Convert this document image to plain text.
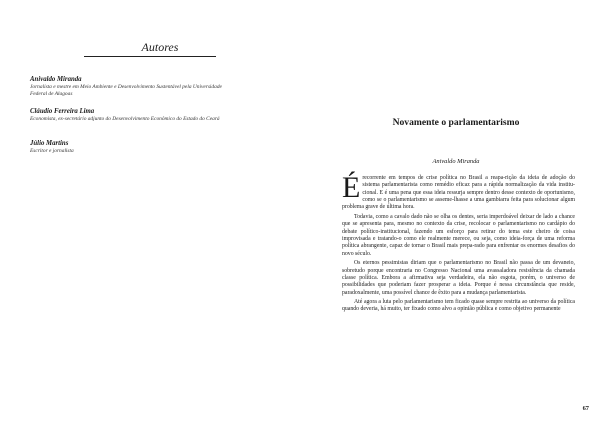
Autores
Anivaldo Miranda
Jornalista e mestre em Meio Ambiente e Desenvolvimento Sustentável pela Universidade Federal de Alagoas
Cláudio Ferreira Lima
Economista, ex-secretário adjunto do Desenvolvimento Econômico do Estado do Ceará
Júlio Martins
Escritor e jornalista
Novamente o parlamentarismo
Anivaldo Miranda

É recorrente em tempos de crise política no Brasil a reapa-rição da ideia de adoção do sistema parlamentarista como remédio eficaz para a rápida normalização da vida institu-cional. E é uma pena que essa ideia ressurja sempre dentro desse contexto de oportunismo, como se o parlamentarismo se asseme-lhasse a uma gambiarra feita para solucionar algum problema grave de última hora.

Todavia, como a cavalo dado não se olha os dentes, seria imperdoável deixar de lado a chance que se apresenta para, mesmo no contexto da crise, recolocar o parlamentarismo no cardápio do debate político-institucional, fazendo um esforço para retirar do tema este cheiro de coisa improvisada e tratando-o como ele realmente merece, ou seja, como ideia-força de uma reforma política abrangente, capaz de tornar o Brasil mais prepa-rado para enfrentar os enormes desafios do novo século.

Os eternos pessimistas diriam que o parlamentarismo no Brasil não passa de um devaneio, sobretudo porque encontraria no Congresso Nacional uma avassaladora resistência da chamada classe política. Embora a afirmativa seja verdadeira, ela não esgota, porém, o universo de possibilidades que poderiam fazer prosperar a ideia. Porque é nessa circunstância que reside, paradoxalmente, uma possível chance de êxito para a mudança parlamentarista.

Até agora a luta pelo parlamentarismo tem ficado quase sempre restrita ao universo da política quando deveria, há muito, ter fixado como alvo a opinião pública e como objetivo permanente

67
